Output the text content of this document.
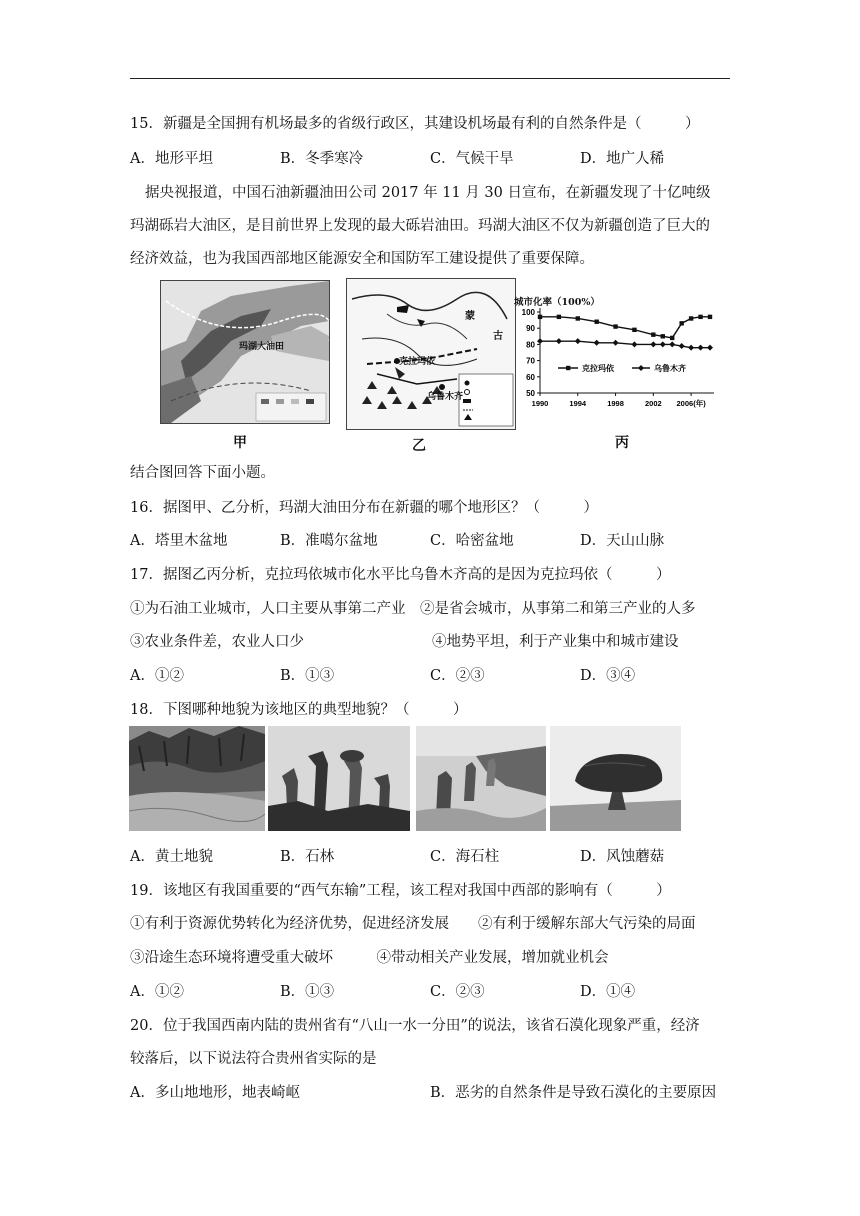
15．新疆是全国拥有机场最多的省级行政区，其建设机场最有利的自然条件是（　　　）
A．地形平坦	B．冬季寒冷	C．气候干旱	D．地广人稀
据央视报道，中国石油新疆油田公司 2017 年 11 月 30 日宣布，在新疆发现了十亿吨级
玛湖砾岩大油区，是目前世界上发现的最大砾岩油田。玛湖大油区不仅为新疆创造了巨大的
经济效益，也为我国西部地区能源安全和国防军工建设提供了重要保障。
玛湖大油田
甲
克拉玛依
乌鲁木齐
蒙
古
乙
城市化率（100%）
100
90
80
70
60
50
1990	1994	1998	2002 2006(年)
克拉玛依	乌鲁木齐
丙
结合图回答下面小题。
16．据图甲、乙分析，玛湖大油田分布在新疆的哪个地形区？（　　　）
A．塔里木盆地	B．准噶尔盆地	C．哈密盆地	D．天山山脉
17．据图乙丙分析，克拉玛依城市化水平比乌鲁木齐高的是因为克拉玛依（　　　）
①为石油工业城市，人口主要从事第二产业　②是省会城市，从事第二和第三产业的人多
③农业条件差，农业人口少	④地势平坦，利于产业集中和城市建设
A．①②	B．①③	C．②③	D．③④
18．下图哪种地貌为该地区的典型地貌？（　　　）
A．黄土地貌	B．石林	C．海石柱	D．风蚀蘑菇
19．该地区有我国重要的“西气东输”工程，该工程对我国中西部的影响有（　　　）
①有利于资源优势转化为经济优势，促进经济发展　　②有利于缓解东部大气污染的局面
③沿途生态环境将遭受重大破坏　　　④带动相关产业发展，增加就业机会
A．①②	B．①③	C．②③	D．①④
20．位于我国西南内陆的贵州省有“八山一水一分田”的说法，该省石漠化现象严重，经济
较落后，以下说法符合贵州省实际的是
A．多山地地形，地表崎岖	B．恶劣的自然条件是导致石漠化的主要原因
